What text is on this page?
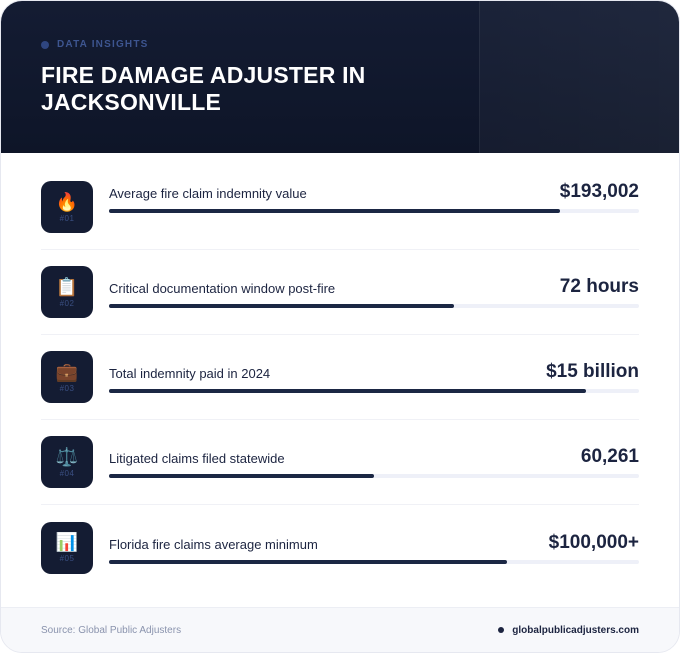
DATA INSIGHTS
FIRE DAMAGE ADJUSTER IN JACKSONVILLE
🔥
#01
Average fire claim indemnity value	$193,002
📋
#02
Critical documentation window post-fire	72 hours
💼
#03
Total indemnity paid in 2024	$15 billion
⚖️
#04
Litigated claims filed statewide	60,261
📊
#05
Florida fire claims average minimum	$100,000+
Source: Global Public Adjusters	globalpublicadjusters.com
